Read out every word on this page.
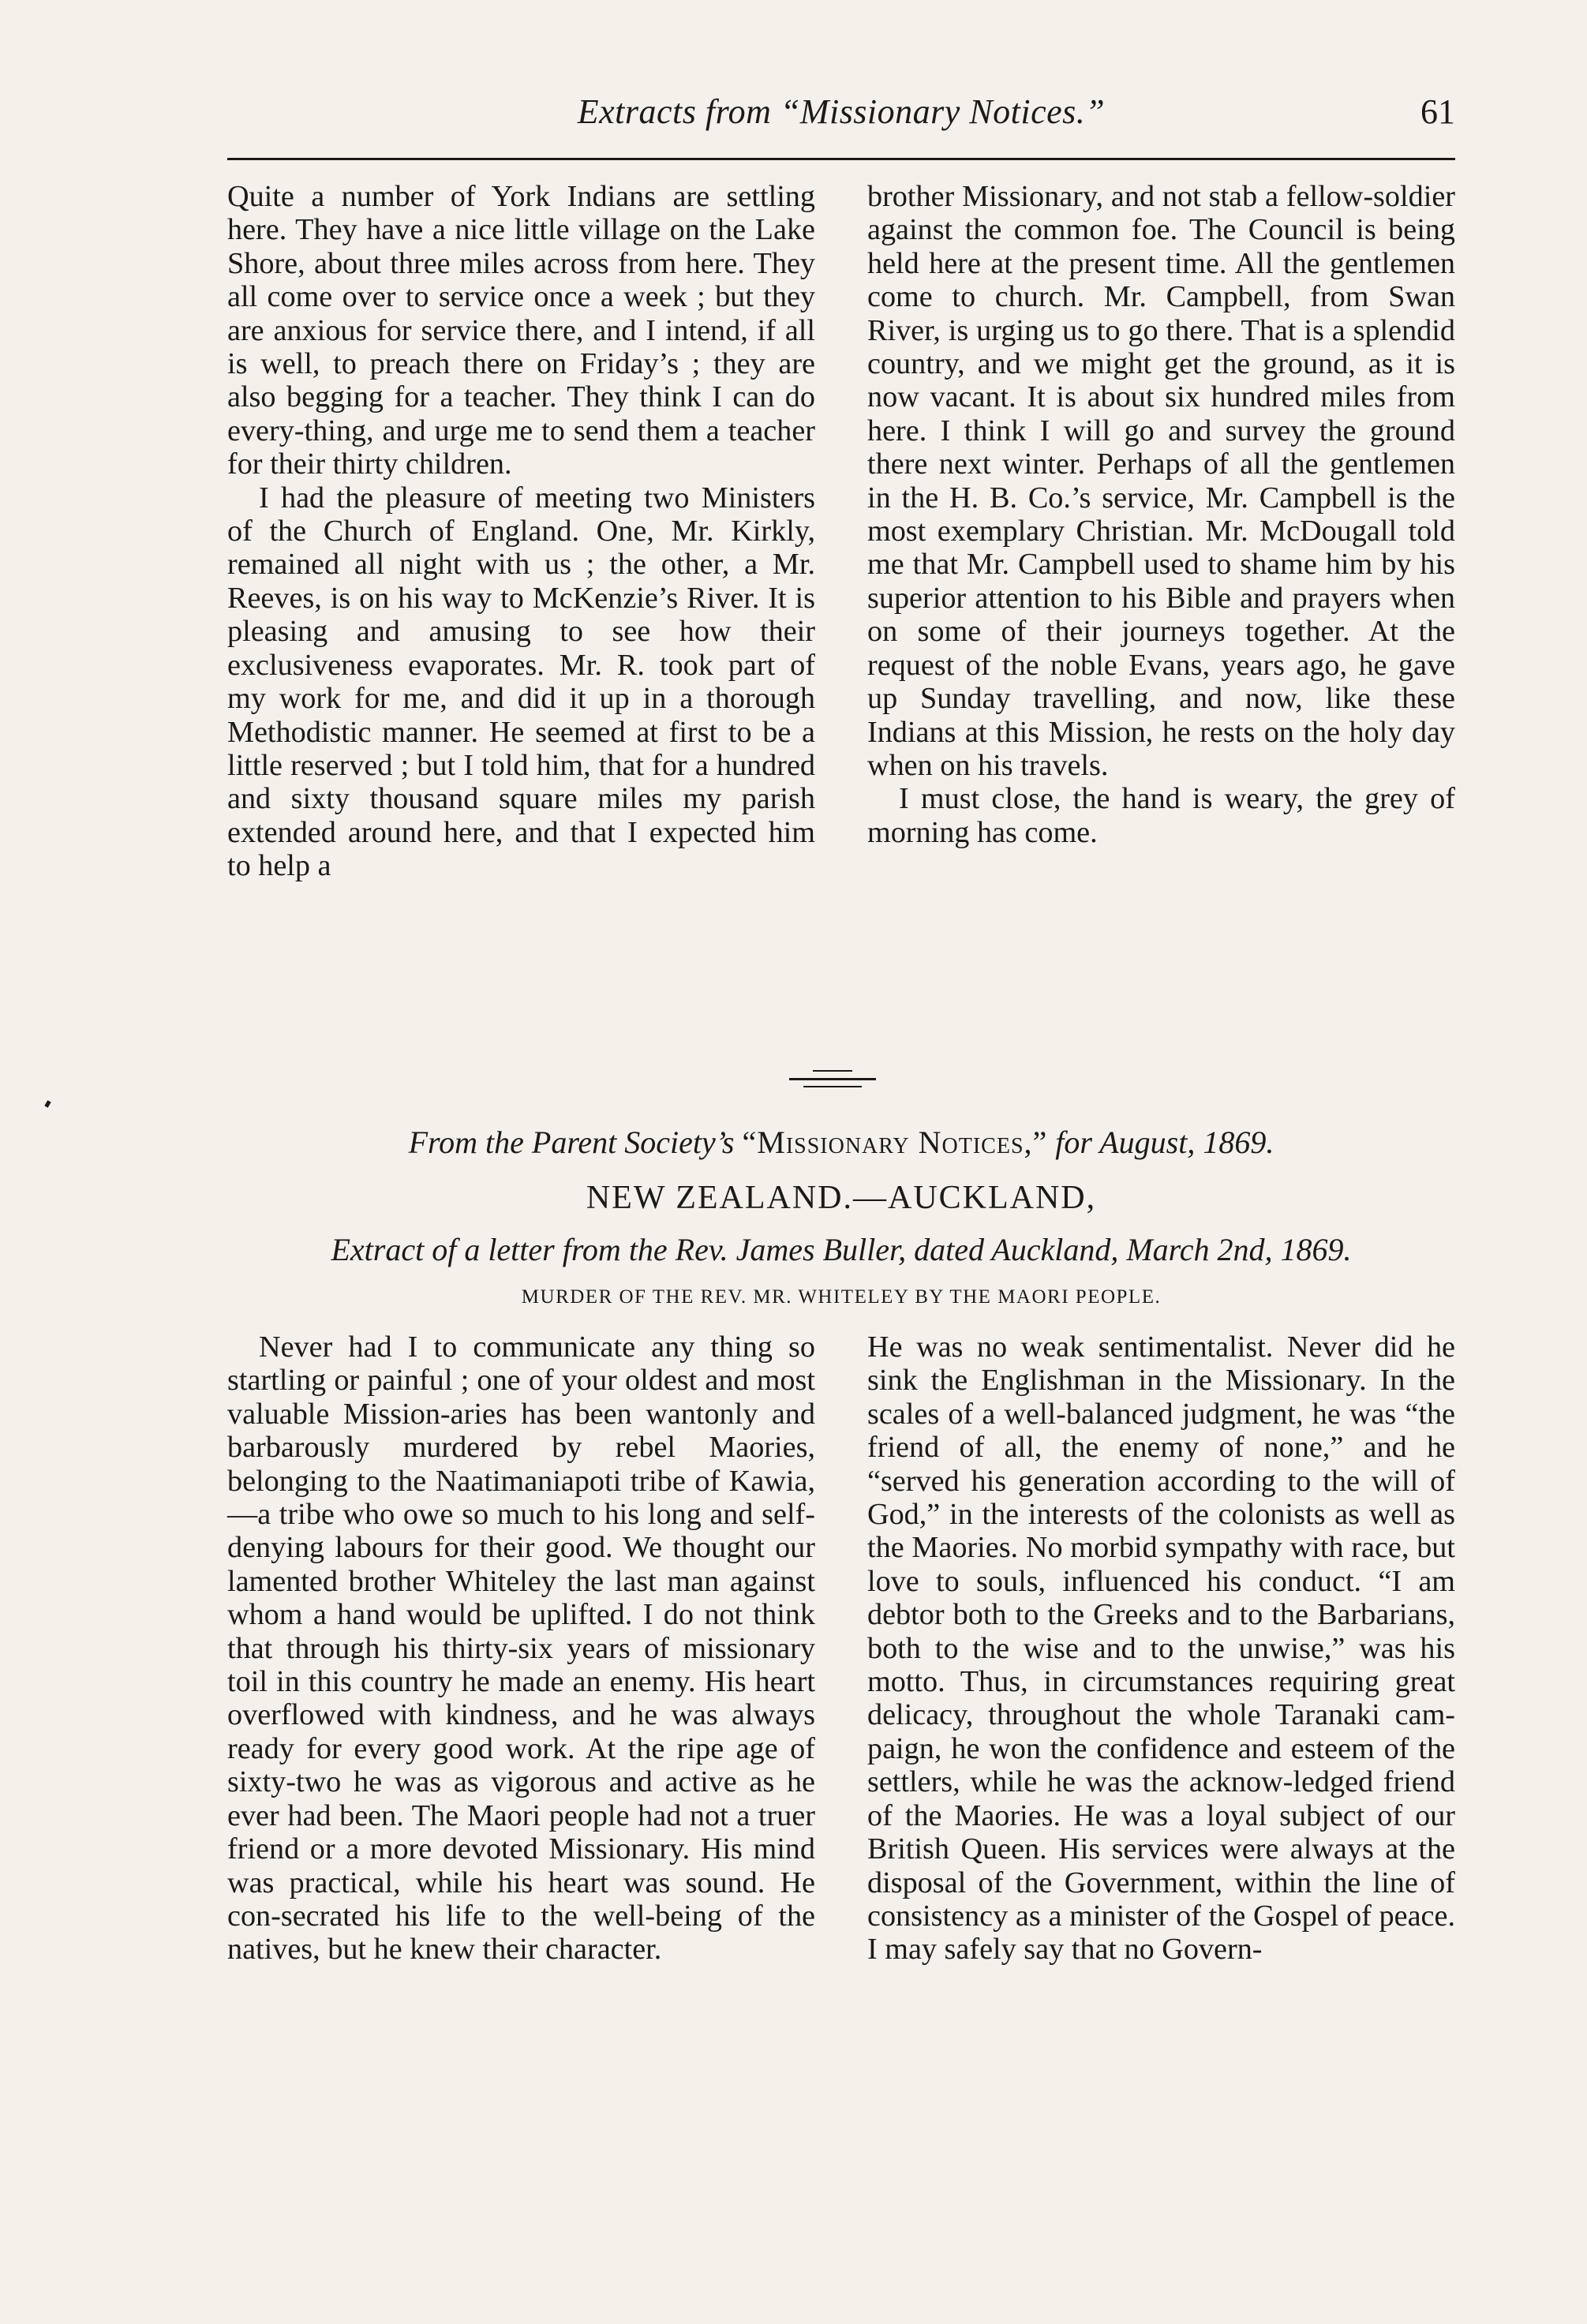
Extracts from “Missionary Notices.”	61

Quite a number of York Indians are settling here. They have a nice little village on the Lake Shore, about three miles across from here. They all come over to service once a week ; but they are anxious for service there, and I intend, if all is well, to preach there on Friday’s ; they are also begging for a teacher. They think I can do every-thing, and urge me to send them a teacher for their thirty children.

I had the pleasure of meeting two Ministers of the Church of England. One, Mr. Kirkly, remained all night with us ; the other, a Mr. Reeves, is on his way to McKenzie’s River. It is pleasing and amusing to see how their exclusiveness evaporates. Mr. R. took part of my work for me, and did it up in a thorough Methodistic manner. He seemed at first to be a little reserved ; but I told him, that for a hundred and sixty thousand square miles my parish extended around here, and that I expected him to help a

brother Missionary, and not stab a fellow-soldier against the common foe. The Council is being held here at the present time. All the gentlemen come to church. Mr. Campbell, from Swan River, is urging us to go there. That is a splendid country, and we might get the ground, as it is now vacant. It is about six hundred miles from here. I think I will go and survey the ground there next winter. Perhaps of all the gentlemen in the H. B. Co.’s service, Mr. Campbell is the most exemplary Christian. Mr. McDougall told me that Mr. Campbell used to shame him by his superior attention to his Bible and prayers when on some of their journeys together. At the request of the noble Evans, years ago, he gave up Sunday travelling, and now, like these Indians at this Mission, he rests on the holy day when on his travels.

I must close, the hand is weary, the grey of morning has come.

From the Parent Society’s “Missionary Notices,” for August, 1869.
NEW ZEALAND.—AUCKLAND,
Extract of a letter from the Rev. James Buller, dated Auckland, March 2nd, 1869.
MURDER OF THE REV. MR. WHITELEY BY THE MAORI PEOPLE.

Never had I to communicate any thing so startling or painful ; one of your oldest and most valuable Mission-aries has been wantonly and barbarously murdered by rebel Maories, belonging to the Naatimaniapoti tribe of Kawia,—a tribe who owe so much to his long and self-denying labours for their good. We thought our lamented brother Whiteley the last man against whom a hand would be uplifted. I do not think that through his thirty-six years of missionary toil in this country he made an enemy. His heart overflowed with kindness, and he was always ready for every good work. At the ripe age of sixty-two he was as vigorous and active as he ever had been. The Maori people had not a truer friend or a more devoted Missionary. His mind was practical, while his heart was sound. He con-secrated his life to the well-being of the natives, but he knew their character.

He was no weak sentimentalist. Never did he sink the Englishman in the Missionary. In the scales of a well-balanced judgment, he was “the friend of all, the enemy of none,” and he “served his generation according to the will of God,” in the interests of the colonists as well as the Maories. No morbid sympathy with race, but love to souls, influenced his conduct. “I am debtor both to the Greeks and to the Barbarians, both to the wise and to the unwise,” was his motto. Thus, in circumstances requiring great delicacy, throughout the whole Taranaki cam-paign, he won the confidence and esteem of the settlers, while he was the acknow-ledged friend of the Maories. He was a loyal subject of our British Queen. His services were always at the disposal of the Government, within the line of consistency as a minister of the Gospel of peace. I may safely say that no Govern-
